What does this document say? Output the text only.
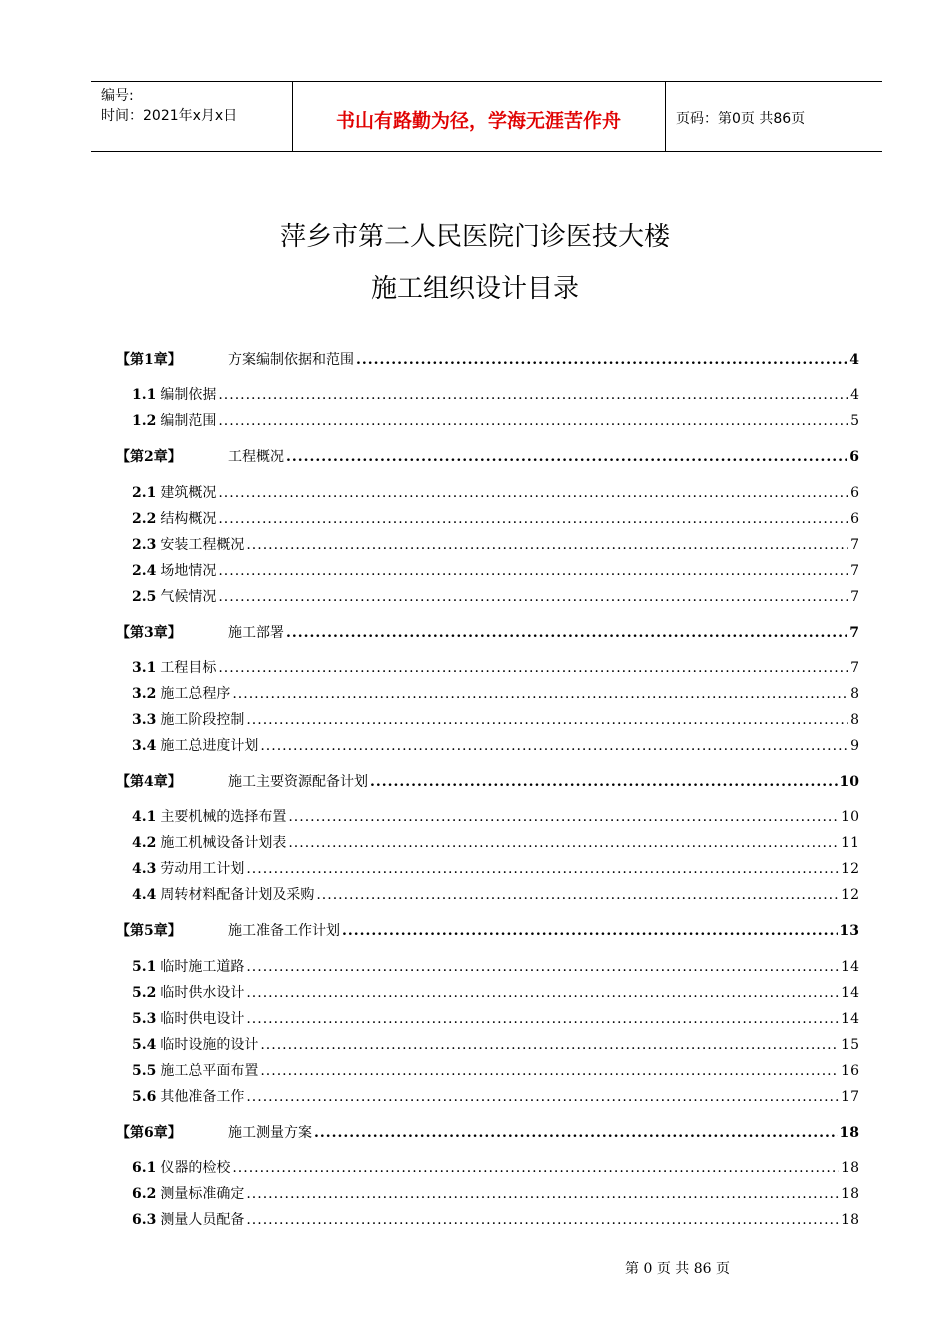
编号:
时间：2021年x月x日	书山有路勤为径，学海无涯苦作舟	页码：第0页 共86页
萍乡市第二人民医院门诊医技大楼
施工组织设计目录
【第1章】	方案编制依据和范围 .....	4
1.1 编制依据 .....	4
1.2 编制范围 .....	5
【第2章】	工程概况 .....	6
2.1 建筑概况 .....	6
2.2 结构概况 .....	6
2.3 安装工程概况 .....	7
2.4 场地情况 .....	7
2.5 气候情况 .....	7
【第3章】	施工部署 .....	7
3.1 工程目标 .....	7
3.2 施工总程序 .....	8
3.3 施工阶段控制 .....	8
3.4 施工总进度计划 .....	9
【第4章】	施工主要资源配备计划 .....	10
4.1 主要机械的选择布置 .....	10
4.2 施工机械设备计划表 .....	11
4.3 劳动用工计划 .....	12
4.4 周转材料配备计划及采购 .....	12
【第5章】	施工准备工作计划 .....	13
5.1 临时施工道路 .....	14
5.2 临时供水设计 .....	14
5.3 临时供电设计 .....	14
5.4 临时设施的设计 .....	15
5.5 施工总平面布置 .....	16
5.6 其他准备工作 .....	17
【第6章】	施工测量方案 .....	18
6.1 仪器的检校 .....	18
6.2 测量标准确定 .....	18
6.3 测量人员配备 .....	18
第 0 页 共 86 页
